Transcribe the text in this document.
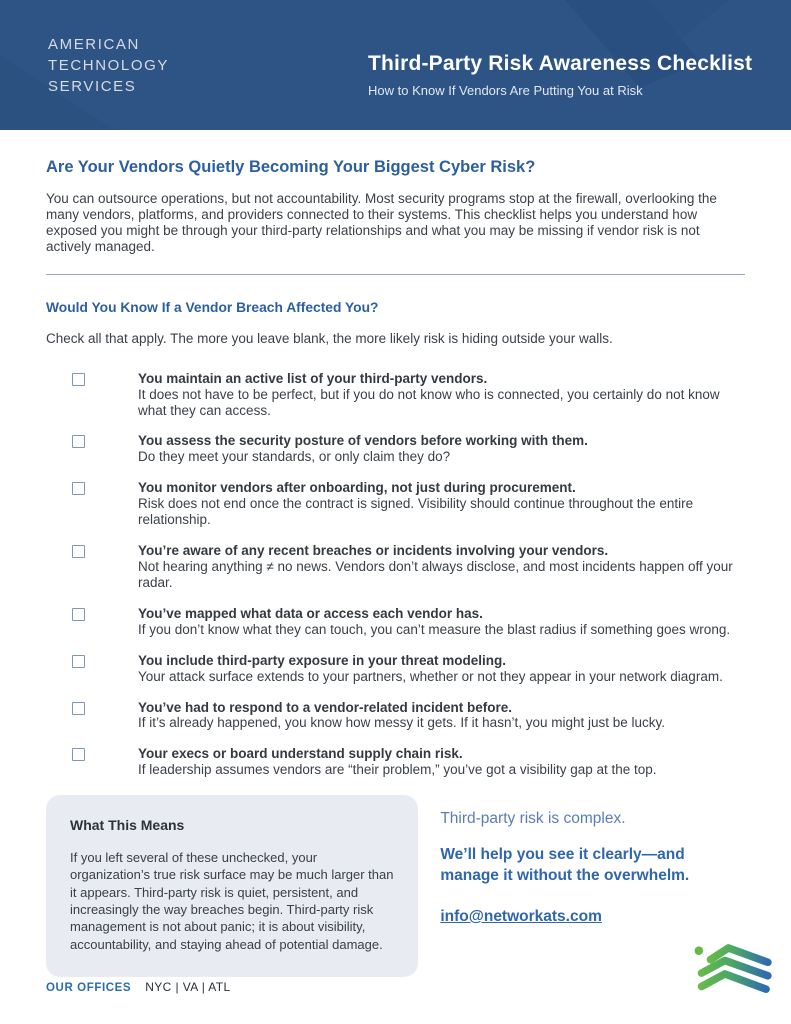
AMERICAN
TECHNOLOGY
SERVICES
Third-Party Risk Awareness Checklist
How to Know If Vendors Are Putting You at Risk
Are Your Vendors Quietly Becoming Your Biggest Cyber Risk?

You can outsource operations, but not accountability. Most security programs stop at the firewall, overlooking the many vendors, platforms, and providers connected to their systems. This checklist helps you understand how exposed you might be through your third-party relationships and what you may be missing if vendor risk is not actively managed.

Would You Know If a Vendor Breach Affected You?

Check all that apply. The more you leave blank, the more likely risk is hiding outside your walls.

You maintain an active list of your third-party vendors.
It does not have to be perfect, but if you do not know who is connected, you certainly do not know what they can access.
You assess the security posture of vendors before working with them.
Do they meet your standards, or only claim they do?
You monitor vendors after onboarding, not just during procurement.
Risk does not end once the contract is signed. Visibility should continue throughout the entire relationship.
You’re aware of any recent breaches or incidents involving your vendors.
Not hearing anything ≠ no news. Vendors don’t always disclose, and most incidents happen off your radar.
You’ve mapped what data or access each vendor has.
If you don’t know what they can touch, you can’t measure the blast radius if something goes wrong.
You include third-party exposure in your threat modeling.
Your attack surface extends to your partners, whether or not they appear in your network diagram.
You’ve had to respond to a vendor-related incident before.
If it’s already happened, you know how messy it gets. If it hasn’t, you might just be lucky.
Your execs or board understand supply chain risk.
If leadership assumes vendors are “their problem,” you’ve got a visibility gap at the top.
What This Means

If you left several of these unchecked, your organization’s true risk surface may be much larger than it appears. Third-party risk is quiet, persistent, and increasingly the way breaches begin. Third-party risk management is not about panic; it is about visibility, accountability, and staying ahead of potential damage.

Third-party risk is complex.

We’ll help you see it clearly—and manage it without the overwhelm.

info@networkats.com
OUR OFFICES NYC | VA | ATL
